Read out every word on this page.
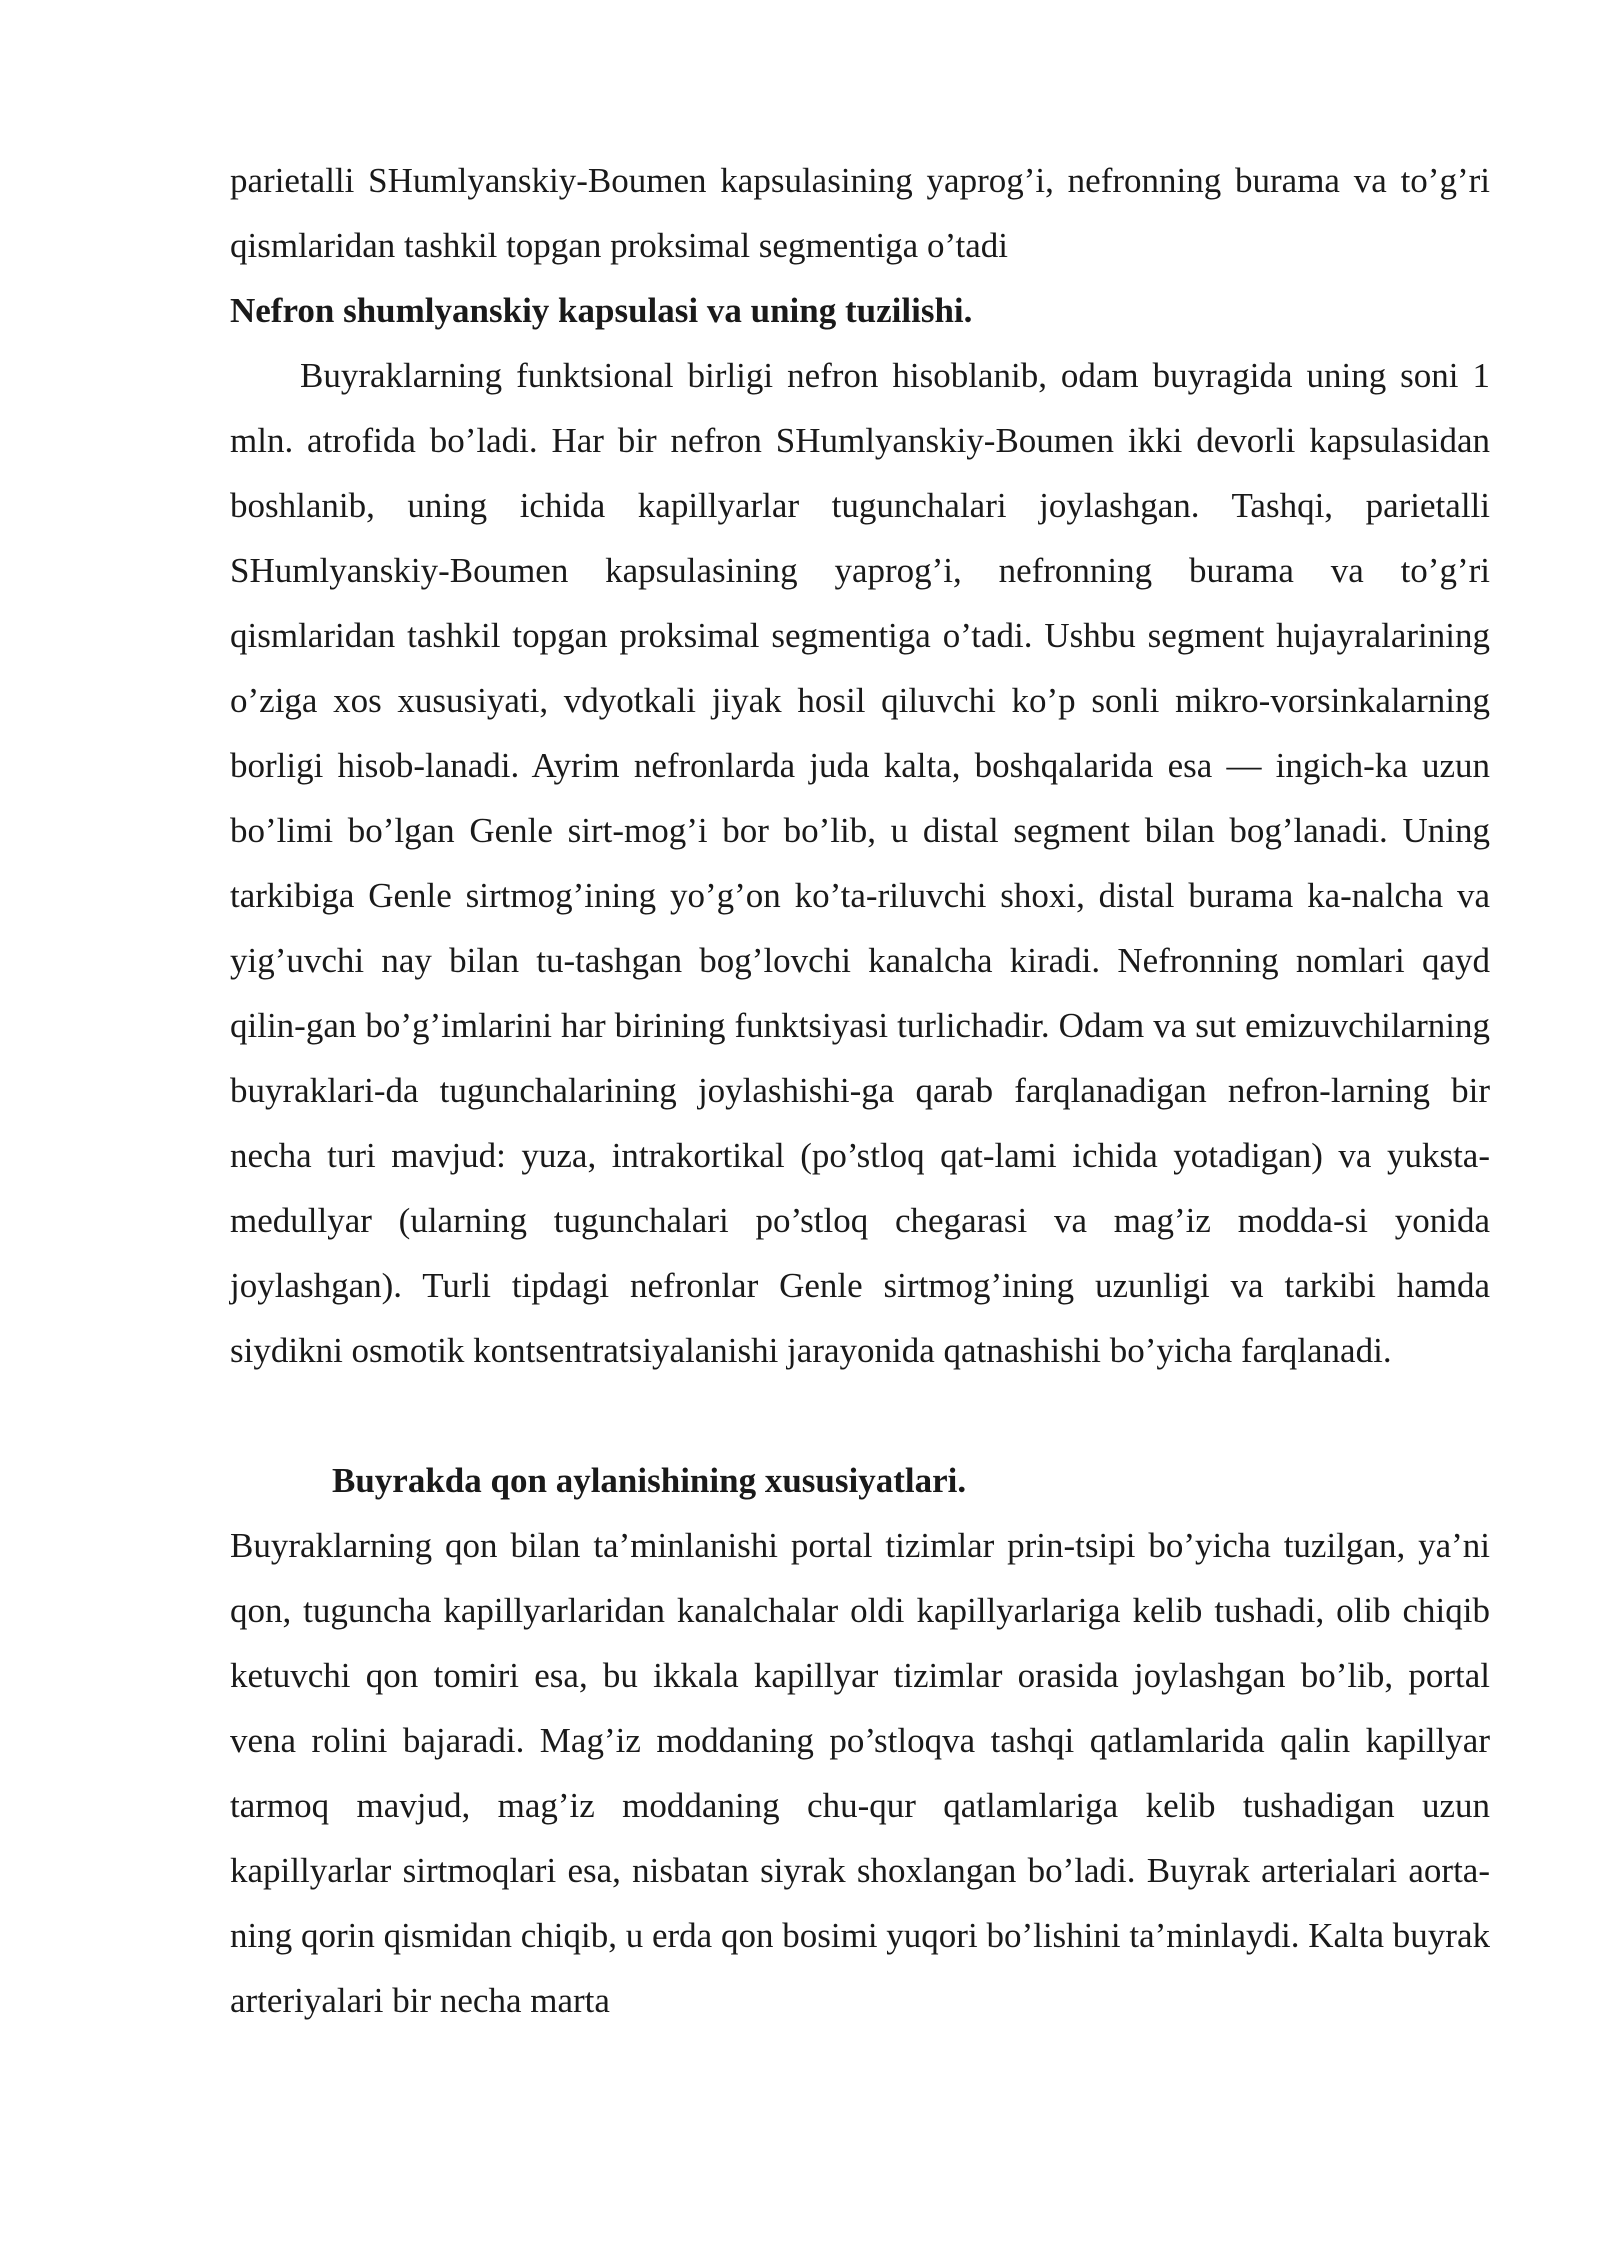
parietalli SHumlyanskiy-Boumen kapsulasining yaprog’i, nefronning burama va to’g’ri qismlaridan tashkil topgan proksimal segmentiga o’tadi

Nefron shumlyanskiy kapsulasi va uning tuzilishi.

Buyraklarning funktsional birligi nefron hisoblanib, odam buyragida uning soni 1 mln. atrofida bo’ladi. Har bir nefron SHumlyanskiy-Boumen ikki devorli kapsulasidan boshlanib, uning ichida kapillyarlar tugunchalari joylashgan. Tashqi, parietalli SHumlyanskiy-Boumen kapsulasining yaprog’i, nefronning burama va to’g’ri qismlaridan tashkil topgan proksimal segmentiga o’tadi. Ushbu segment hujayralarining o’ziga xos xususiyati, vdyotkali jiyak hosil qiluvchi ko’p sonli mikro-vorsinkalarning borligi hisob-lanadi. Ayrim nefronlarda juda kalta, boshqalarida esa — ingich-ka uzun bo’limi bo’lgan Genle sirt-mog’i bor bo’lib, u distal segment bilan bog’lanadi. Uning tarkibiga Genle sirtmog’ining yo’g’on ko’ta-riluvchi shoxi, distal burama ka-nalcha va yig’uvchi nay bilan tu-tashgan bog’lovchi kanalcha kiradi. Nefronning nomlari qayd qilin-gan bo’g’imlarini har birining funktsiyasi turlichadir. Odam va sut emizuvchilarning buyraklari-da tugunchalarining joylashishi-ga qarab farqlanadigan nefron-larning bir necha turi mavjud: yuza, intrakortikal (po’stloq qat-lami ichida yotadigan) va yuksta-medullyar (ularning tugunchalari po’stloq chegarasi va mag’iz modda-si yonida joylashgan). Turli tipdagi nefronlar Genle sirtmog’ining uzunligi va tarkibi hamda siydikni osmotik kontsentratsiyalanishi jarayonida qatnashishi bo’yicha farqlanadi.

Buyrakda qon aylanishining xususiyatlari.

Buyraklarning qon bilan ta’minlanishi portal tizimlar prin-tsipi bo’yicha tuzilgan, ya’ni qon, tuguncha kapillyarlaridan kanalchalar oldi kapillyarlariga kelib tushadi, olib chiqib ketuvchi qon tomiri esa, bu ikkala kapillyar tizimlar orasida joylashgan bo’lib, portal vena rolini bajaradi. Mag’iz moddaning po’stloqva tashqi qatlamlarida qalin kapillyar tarmoq mavjud, mag’iz moddaning chu-qur qatlamlariga kelib tushadigan uzun kapillyarlar sirtmoqlari esa, nisbatan siyrak shoxlangan bo’ladi. Buyrak arterialari aorta-ning qorin qismidan chiqib, u erda qon bosimi yuqori bo’lishini ta’minlaydi. Kalta buyrak arteriyalari bir necha marta
